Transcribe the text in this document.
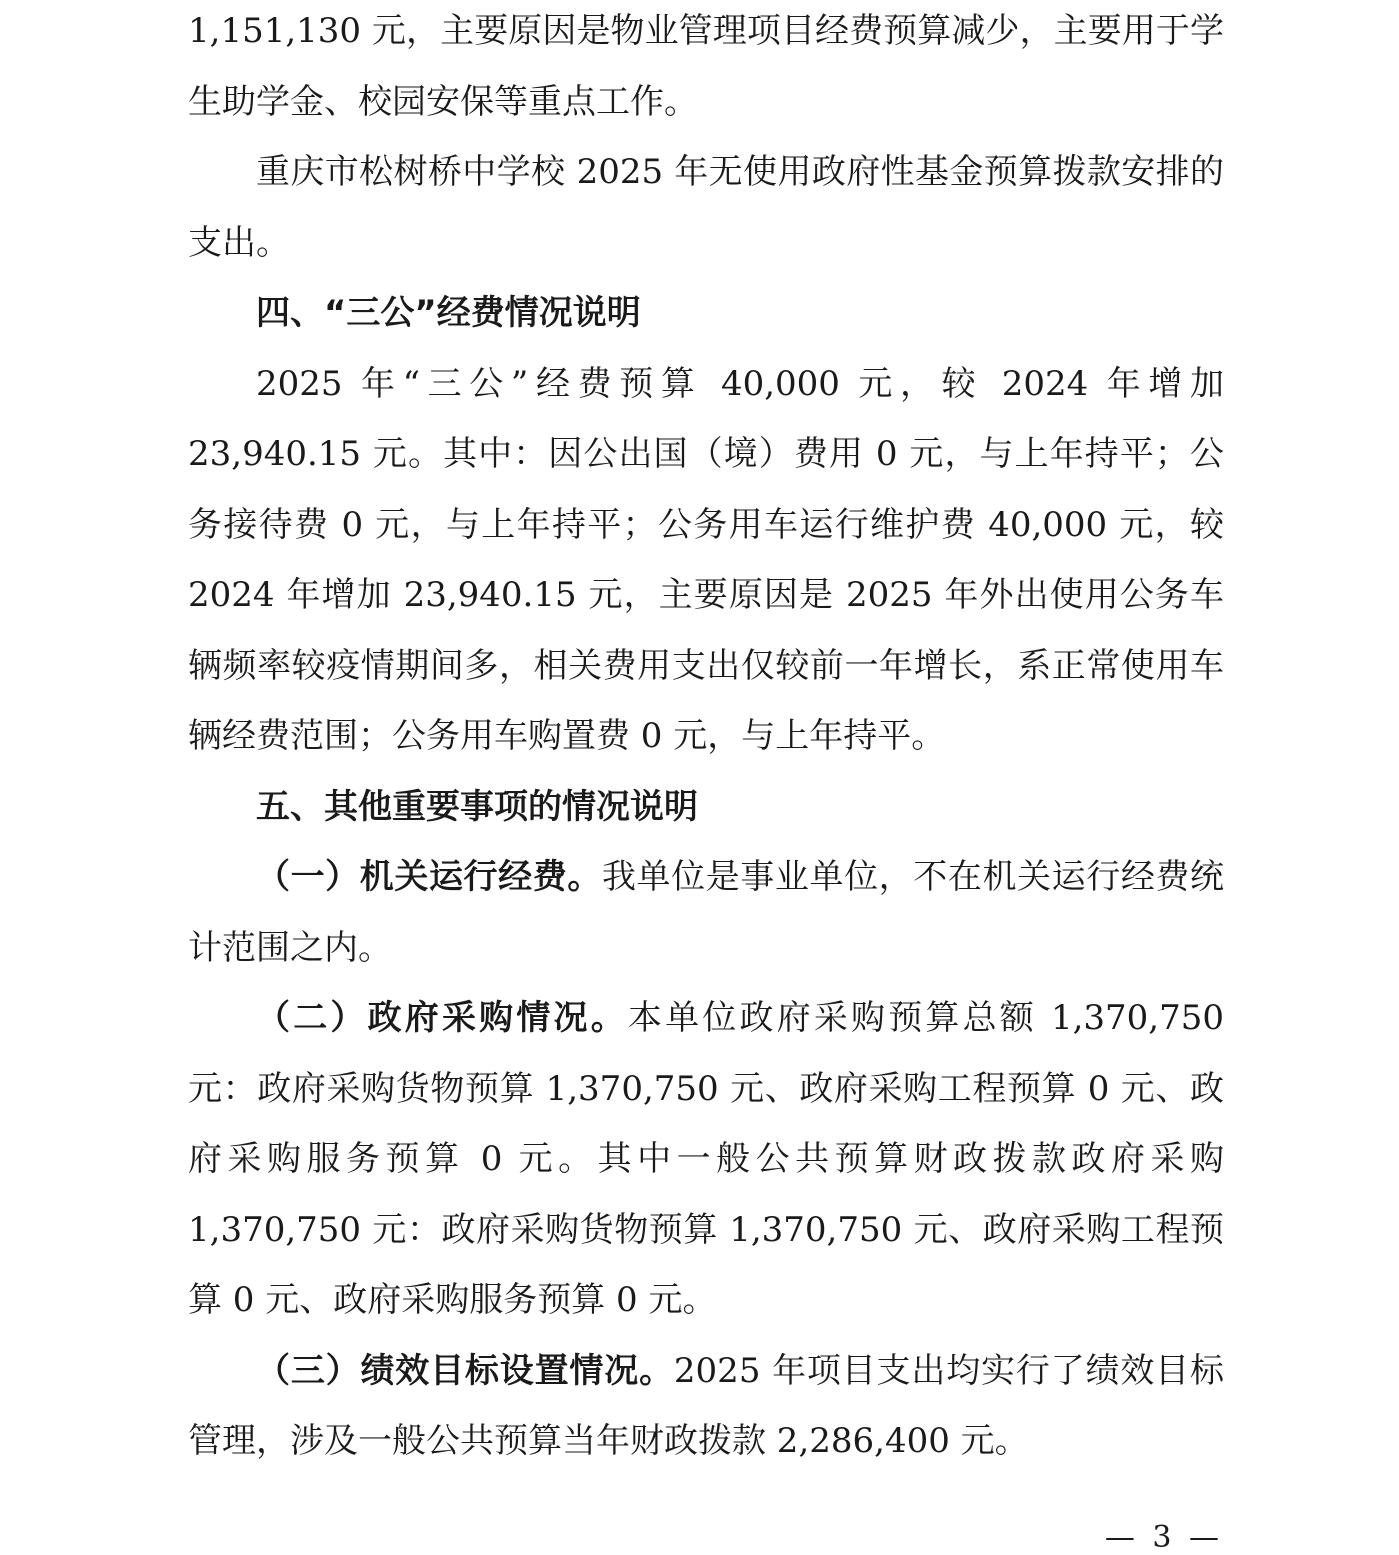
1,151,130 元，主要原因是物业管理项目经费预算减少，主要用于学生助学金、校园安保等重点工作。

重庆市松树桥中学校 2025 年无使用政府性基金预算拨款安排的支出。

四、“三公”经费情况说明

2025 年“三公”经费预算 40,000 元，较 2024 年增加23,940.15 元。其中：因公出国（境）费用 0 元，与上年持平；公务接待费 0 元，与上年持平；公务用车运行维护费 40,000 元，较2024 年增加 23,940.15 元，主要原因是 2025 年外出使用公务车辆频率较疫情期间多，相关费用支出仅较前一年增长，系正常使用车辆经费范围；公务用车购置费 0 元，与上年持平。

五、其他重要事项的情况说明

（一）机关运行经费。我单位是事业单位，不在机关运行经费统计范围之内。

（二）政府采购情况。本单位政府采购预算总额 1,370,750 元：政府采购货物预算 1,370,750 元、政府采购工程预算 0 元、政府采购服务预算 0 元。其中一般公共预算财政拨款政府采购1,370,750 元：政府采购货物预算 1,370,750 元、政府采购工程预算 0 元、政府采购服务预算 0 元。

（三）绩效目标设置情况。2025 年项目支出均实行了绩效目标管理，涉及一般公共预算当年财政拨款 2,286,400 元。

— 3 —
